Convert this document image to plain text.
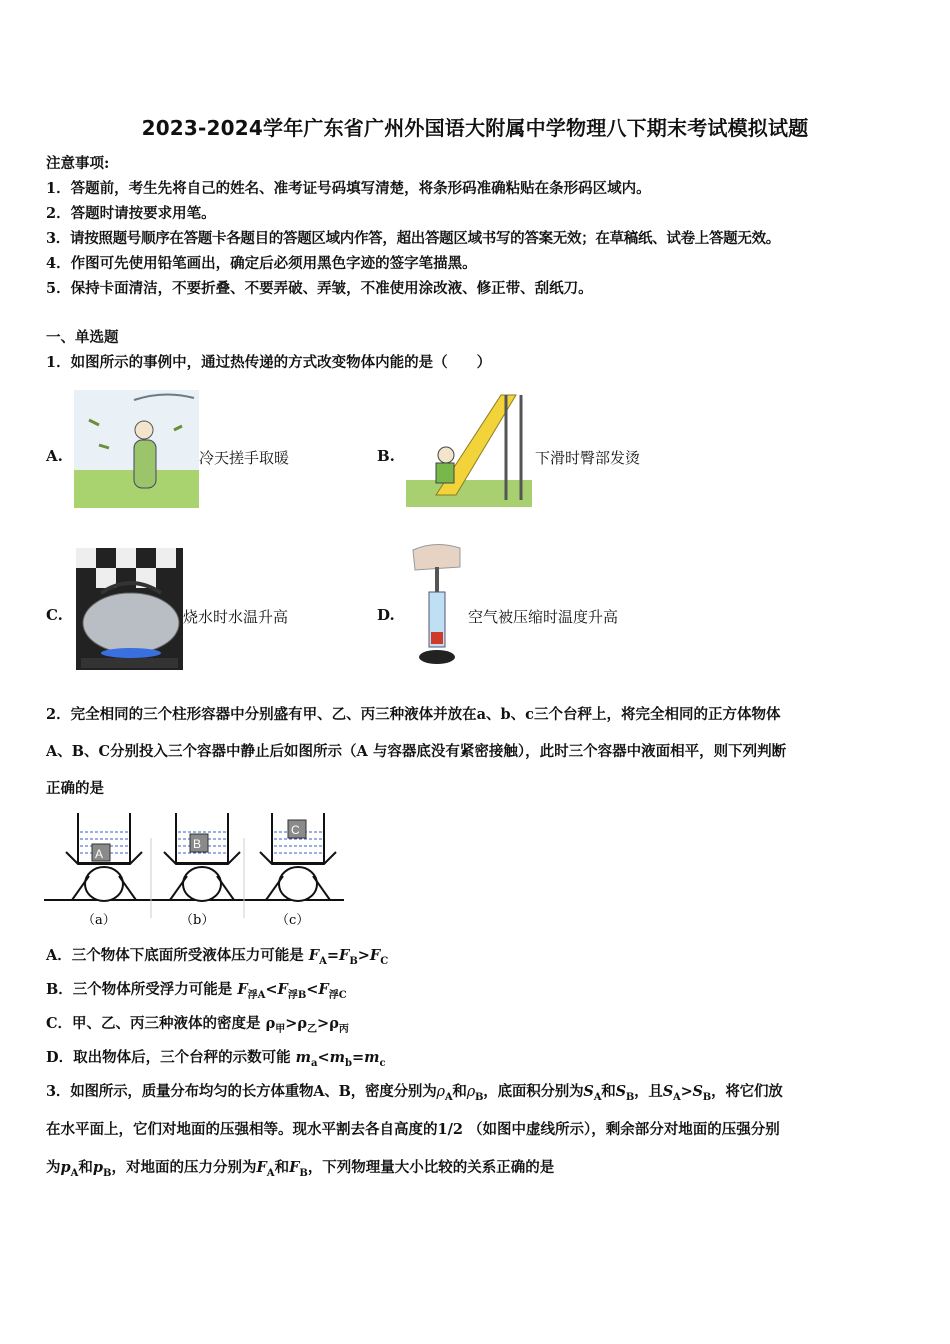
2023-2024学年广东省广州外国语大附属中学物理八下期末考试模拟试题
注意事项:
1．答题前，考生先将自己的姓名、准考证号码填写清楚，将条形码准确粘贴在条形码区域内。
2．答题时请按要求用笔。
3．请按照题号顺序在答题卡各题目的答题区域内作答，超出答题区域书写的答案无效；在草稿纸、试卷上答题无效。
4．作图可先使用铅笔画出，确定后必须用黑色字迹的签字笔描黑。
5．保持卡面清洁，不要折叠、不要弄破、弄皱，不准使用涂改液、修正带、刮纸刀。
一、单选题
1．如图所示的事例中，通过热传递的方式改变物体内能的是（　　）
A.	冷天搓手取暖	B.	下滑时臀部发烫
C.	烧水时水温升高	D.	空气被压缩时温度升高
2．完全相同的三个柱形容器中分别盛有甲、乙、丙三种液体并放在a、b、c三个台秤上，将完全相同的正方体物体
A、B、C分别投入三个容器中静止后如图所示（A 与容器底没有紧密接触），此时三个容器中液面相平，则下列判断
正确的是
A
B
C
（a）	（b）	（c）
A．三个物体下底面所受液体压力可能是 $F_A=F_B>F_C$
B．三个物体所受浮力可能是 $F_{浮A}<F_{浮B}<F_{浮C}$
C．甲、乙、丙三种液体的密度是 $\rho_甲>\rho_乙>\rho_丙$
D．取出物体后，三个台秤的示数可能 $m_a<m_b=m_c$
3．如图所示，质量分布均匀的长方体重物A、B，密度分别为$\rho_A$和$\rho_B$，底面积分别为$S_A$和$S_B$，且$S_A>S_B$，将它们放
在水平面上，它们对地面的压强相等。现水平割去各自高度的1/2 （如图中虚线所示），剩余部分对地面的压强分别
为$p_A$和$p_B$，对地面的压力分别为$F_A$和$F_B$，下列物理量大小比较的关系正确的是
